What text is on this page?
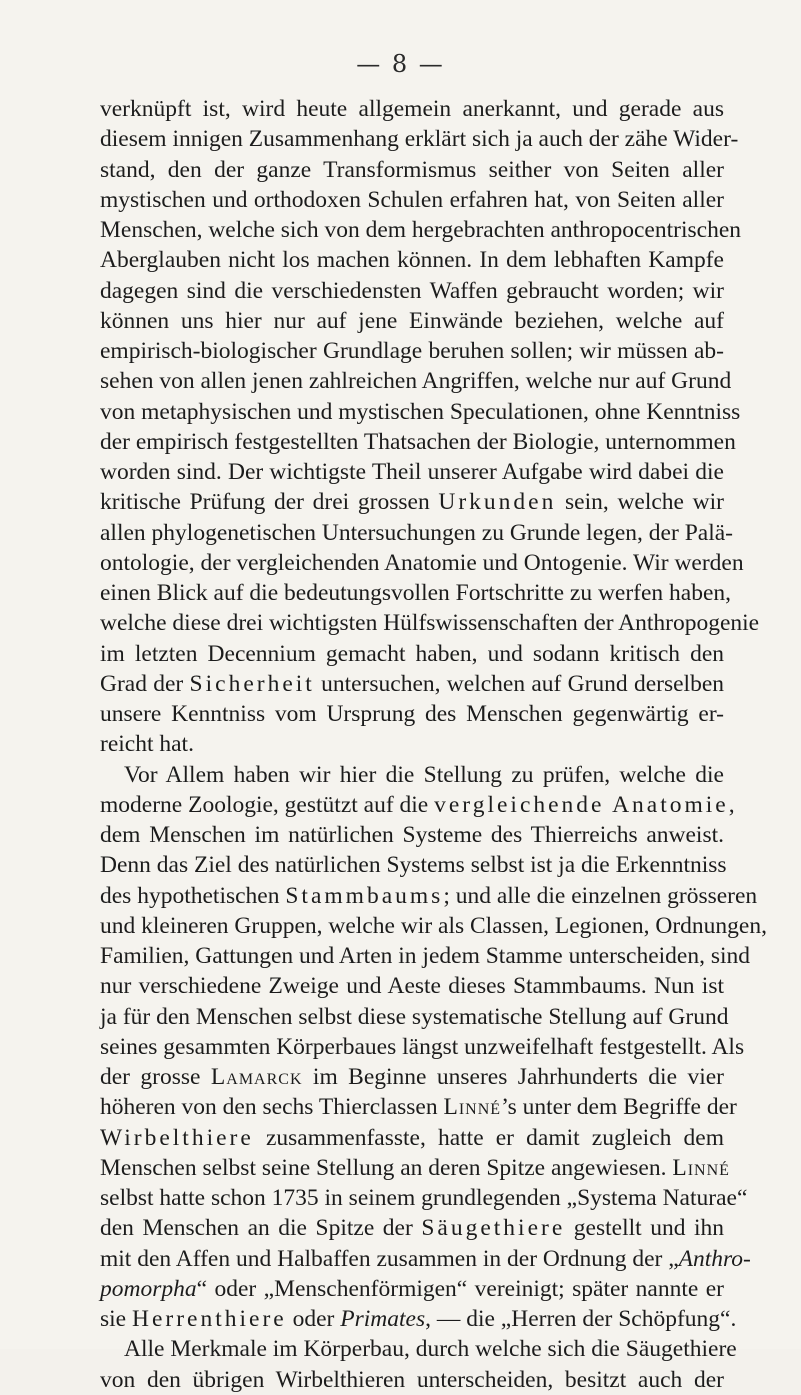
— 8 —
verknüpft ist, wird heute allgemein anerkannt, und gerade aus
diesem innigen Zusammenhang erklärt sich ja auch der zähe Wider-
stand, den der ganze Transformismus seither von Seiten aller
mystischen und orthodoxen Schulen erfahren hat, von Seiten aller
Menschen, welche sich von dem hergebrachten anthropocentrischen
Aberglauben nicht los machen können. In dem lebhaften Kampfe
dagegen sind die verschiedensten Waffen gebraucht worden; wir
können uns hier nur auf jene Einwände beziehen, welche auf
empirisch-biologischer Grundlage beruhen sollen; wir müssen ab-
sehen von allen jenen zahlreichen Angriffen, welche nur auf Grund
von metaphysischen und mystischen Speculationen, ohne Kenntniss
der empirisch festgestellten Thatsachen der Biologie, unternommen
worden sind. Der wichtigste Theil unserer Aufgabe wird dabei die
kritische Prüfung der drei grossen Urkunden sein, welche wir
allen phylogenetischen Untersuchungen zu Grunde legen, der Palä-
ontologie, der vergleichenden Anatomie und Ontogenie. Wir werden
einen Blick auf die bedeutungsvollen Fortschritte zu werfen haben,
welche diese drei wichtigsten Hülfswissenschaften der Anthropogenie
im letzten Decennium gemacht haben, und sodann kritisch den
Grad der Sicherheit untersuchen, welchen auf Grund derselben
unsere Kenntniss vom Ursprung des Menschen gegenwärtig er-
reicht hat.
Vor Allem haben wir hier die Stellung zu prüfen, welche die
moderne Zoologie, gestützt auf die vergleichende Anatomie,
dem Menschen im natürlichen Systeme des Thierreichs anweist.
Denn das Ziel des natürlichen Systems selbst ist ja die Erkenntniss
des hypothetischen Stammbaums; und alle die einzelnen grösseren
und kleineren Gruppen, welche wir als Classen, Legionen, Ordnungen,
Familien, Gattungen und Arten in jedem Stamme unterscheiden, sind
nur verschiedene Zweige und Aeste dieses Stammbaums. Nun ist
ja für den Menschen selbst diese systematische Stellung auf Grund
seines gesammten Körperbaues längst unzweifelhaft festgestellt. Als
der grosse Lamarck im Beginne unseres Jahrhunderts die vier
höheren von den sechs Thierclassen Linné’s unter dem Begriffe der
Wirbelthiere zusammenfasste, hatte er damit zugleich dem
Menschen selbst seine Stellung an deren Spitze angewiesen. Linné
selbst hatte schon 1735 in seinem grundlegenden „Systema Naturae“
den Menschen an die Spitze der Säugethiere gestellt und ihn
mit den Affen und Halbaffen zusammen in der Ordnung der „Anthro-
pomorpha“ oder „Menschenförmigen“ vereinigt; später nannte er
sie Herrenthiere oder Primates, — die „Herren der Schöpfung“.
Alle Merkmale im Körperbau, durch welche sich die Säugethiere
von den übrigen Wirbelthieren unterscheiden, besitzt auch der
